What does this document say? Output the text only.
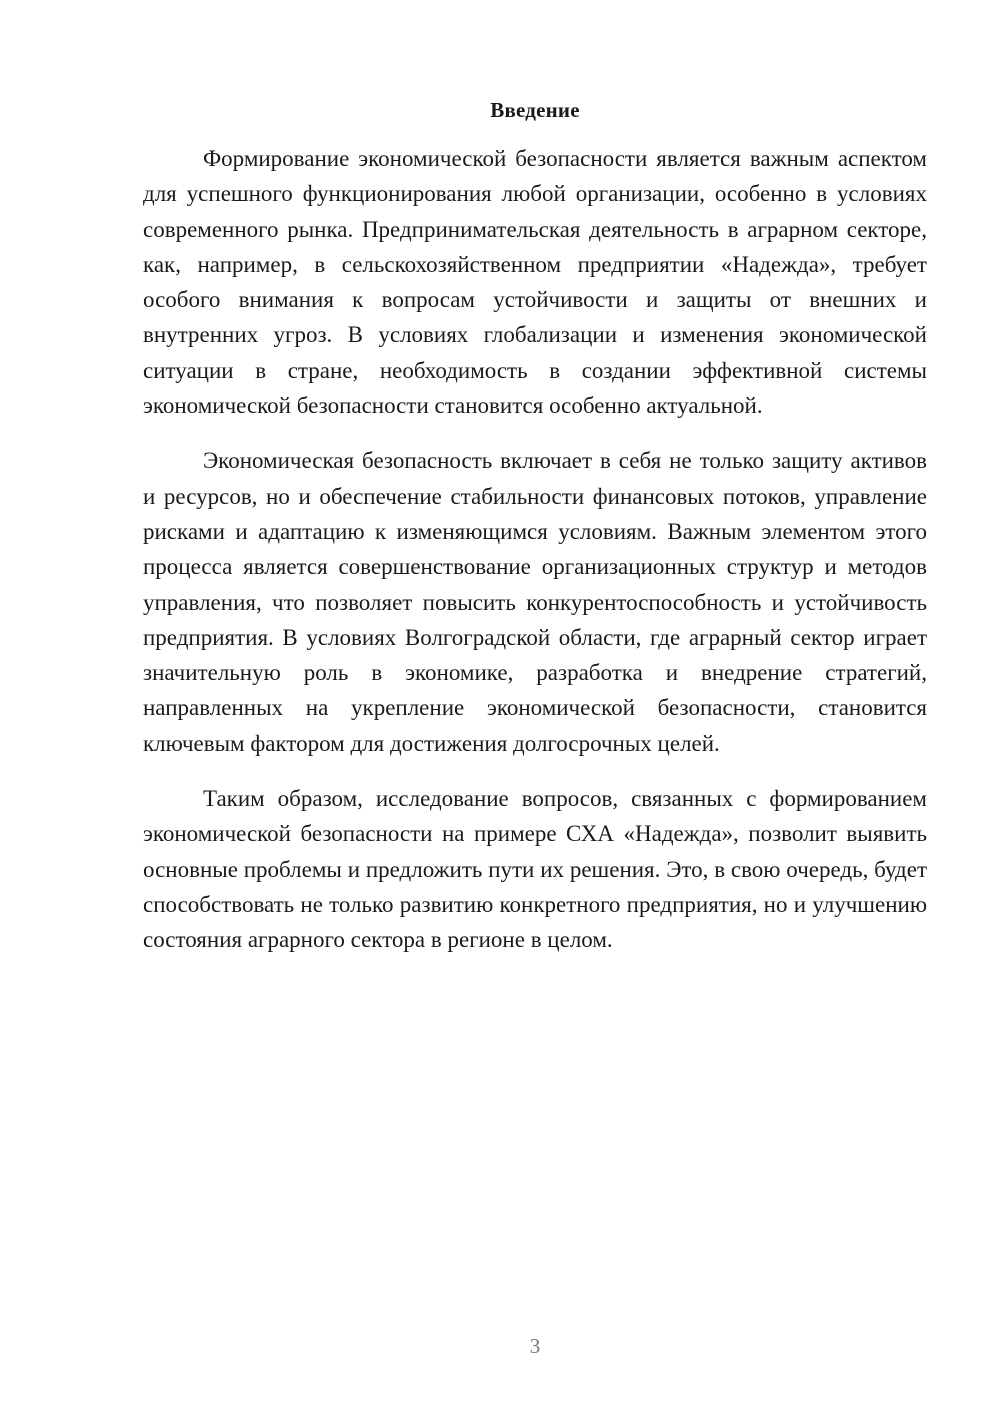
Введение

Формирование экономической безопасности является важным аспектом для успешного функционирования любой организации, особенно в условиях современного рынка. Предпринимательская деятельность в аграрном секторе, как, например, в сельскохозяйственном предприятии «Надежда», требует особого внимания к вопросам устойчивости и защиты от внешних и внутренних угроз. В условиях глобализации и изменения экономической ситуации в стране, необходимость в создании эффективной системы экономической безопасности становится особенно актуальной.

Экономическая безопасность включает в себя не только защиту активов и ресурсов, но и обеспечение стабильности финансовых потоков, управление рисками и адаптацию к изменяющимся условиям. Важным элементом этого процесса является совершенствование организационных структур и методов управления, что позволяет повысить конкурентоспособность и устойчивость предприятия. В условиях Волгоградской области, где аграрный сектор играет значительную роль в экономике, разработка и внедрение стратегий, направленных на укрепление экономической безопасности, становится ключевым фактором для достижения долгосрочных целей.

Таким образом, исследование вопросов, связанных с формированием экономической безопасности на примере СХА «Надежда», позволит выявить основные проблемы и предложить пути их решения. Это, в свою очередь, будет способствовать не только развитию конкретного предприятия, но и улучшению состояния аграрного сектора в регионе в целом.

3
